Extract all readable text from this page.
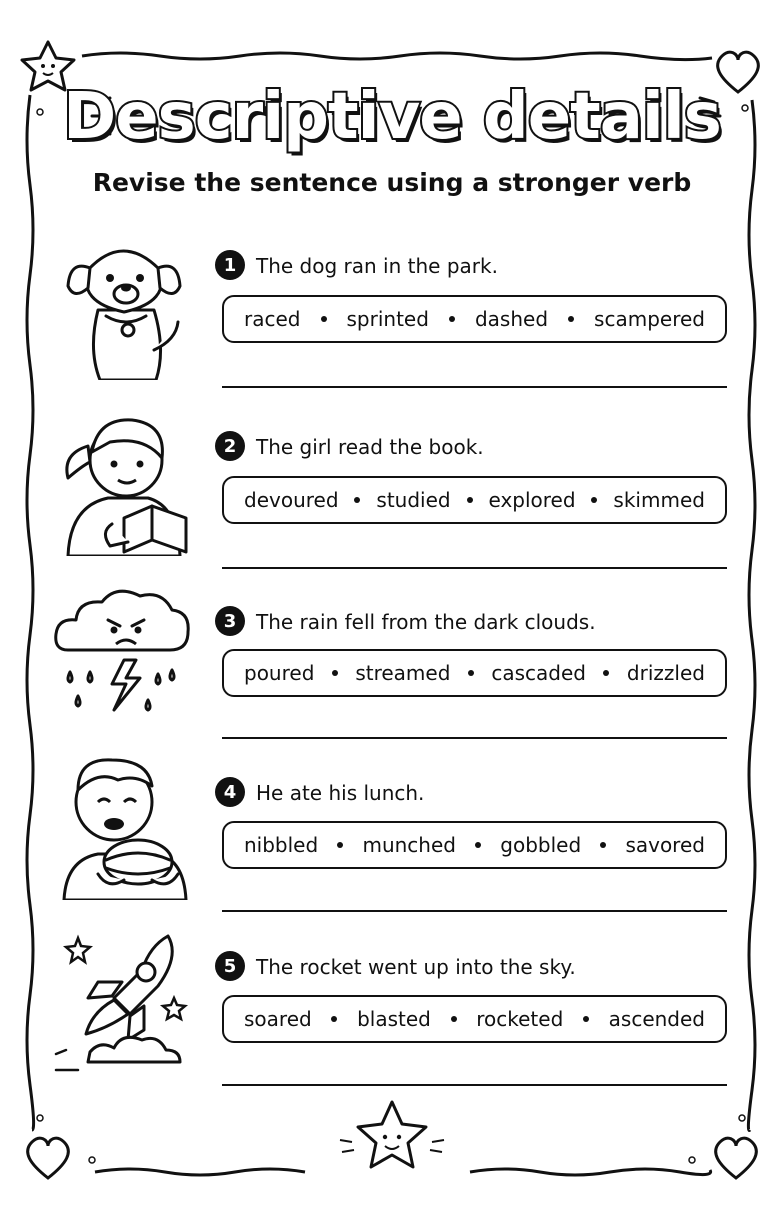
Descriptive details
Revise the sentence using a stronger verb
1 The dog ran in the park.
raced sprinted dashed scampered
2 The girl read the book.
devoured studied explored skimmed
3 The rain fell from the dark clouds.
poured streamed cascaded drizzled
4 He ate his lunch.
nibbled munched gobbled savored
5 The rocket went up into the sky.
soared blasted rocketed ascended
